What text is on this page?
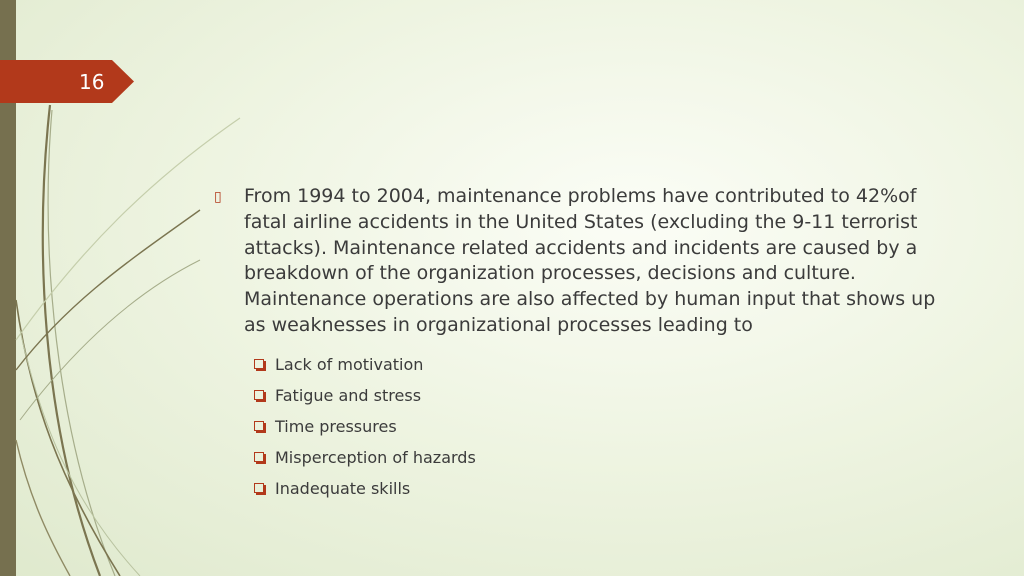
16
▯	From 1994 to 2004, maintenance problems have contributed to 42%of fatal airline accidents in the United States (excluding the 9-11 terrorist attacks). Maintenance related accidents and incidents are caused by a breakdown of the organization processes, decisions and culture. Maintenance operations are also affected by human input that shows up as weaknesses in organizational processes leading to
Lack of motivation
Fatigue and stress
Time pressures
Misperception of hazards
Inadequate skills
